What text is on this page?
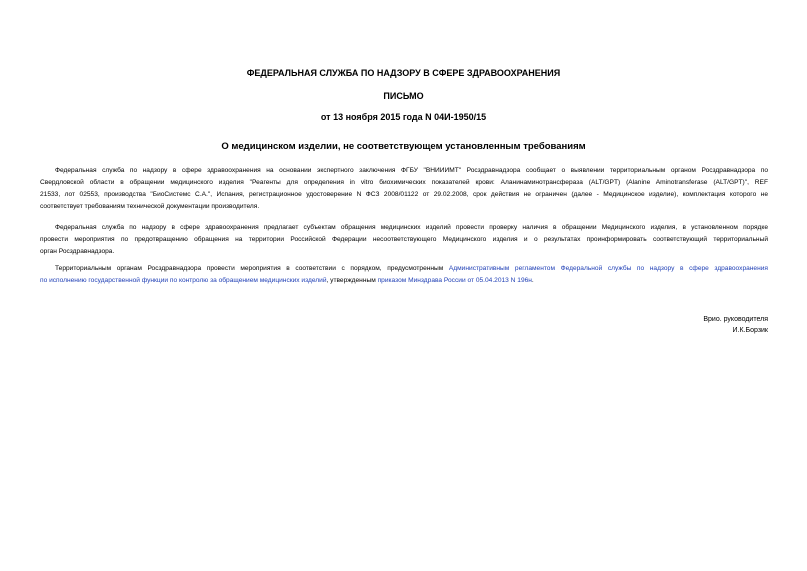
ФЕДЕРАЛЬНАЯ СЛУЖБА ПО НАДЗОРУ В СФЕРЕ ЗДРАВООХРАНЕНИЯ
ПИСЬМО
от 13 ноября 2015 года N 04И-1950/15
О медицинском изделии, не соответствующем установленным требованиям
Федеральная служба по надзору в сфере здравоохранения на основании экспертного заключения ФГБУ "ВНИИИМТ" Росздравнадзора сообщает о выявлении территориальным органом Росздравнадзора по
Свердловской области в обращении медицинского изделия "Реагенты для определения in vitro биохимических показателей крови: Аланинаминотрансфераза (ALT/GPT) (Alanine Aminotransferase (ALT/GPT)", REF
21533, лот 02553, производства "БиоСистемс С.А.", Испания, регистрационное удостоверение N ФСЗ 2008/01122 от 29.02.2008, срок действия не ограничен (далее - Медицинское изделие), комплектация которого не
соответствует требованиям технической документации производителя.
Федеральная служба по надзору в сфере здравоохранения предлагает субъектам обращения медицинских изделий провести проверку наличия в обращении Медицинского изделия, в установленном порядке
провести мероприятия по предотвращению обращения на территории Российской Федерации несоответствующего Медицинского изделия и о результатах проинформировать соответствующий территориальный
орган Росздравнадзора.
Территориальным органам Росздравнадзора провести мероприятия в соответствии с порядком, предусмотренным Административным регламентом Федеральной службы по надзору в сфере здравоохранения
по исполнению государственной функции по контролю за обращением медицинских изделий, утвержденным приказом Минздрава России от 05.04.2013 N 196н.
Врио. руководителя
И.К.Борзик
